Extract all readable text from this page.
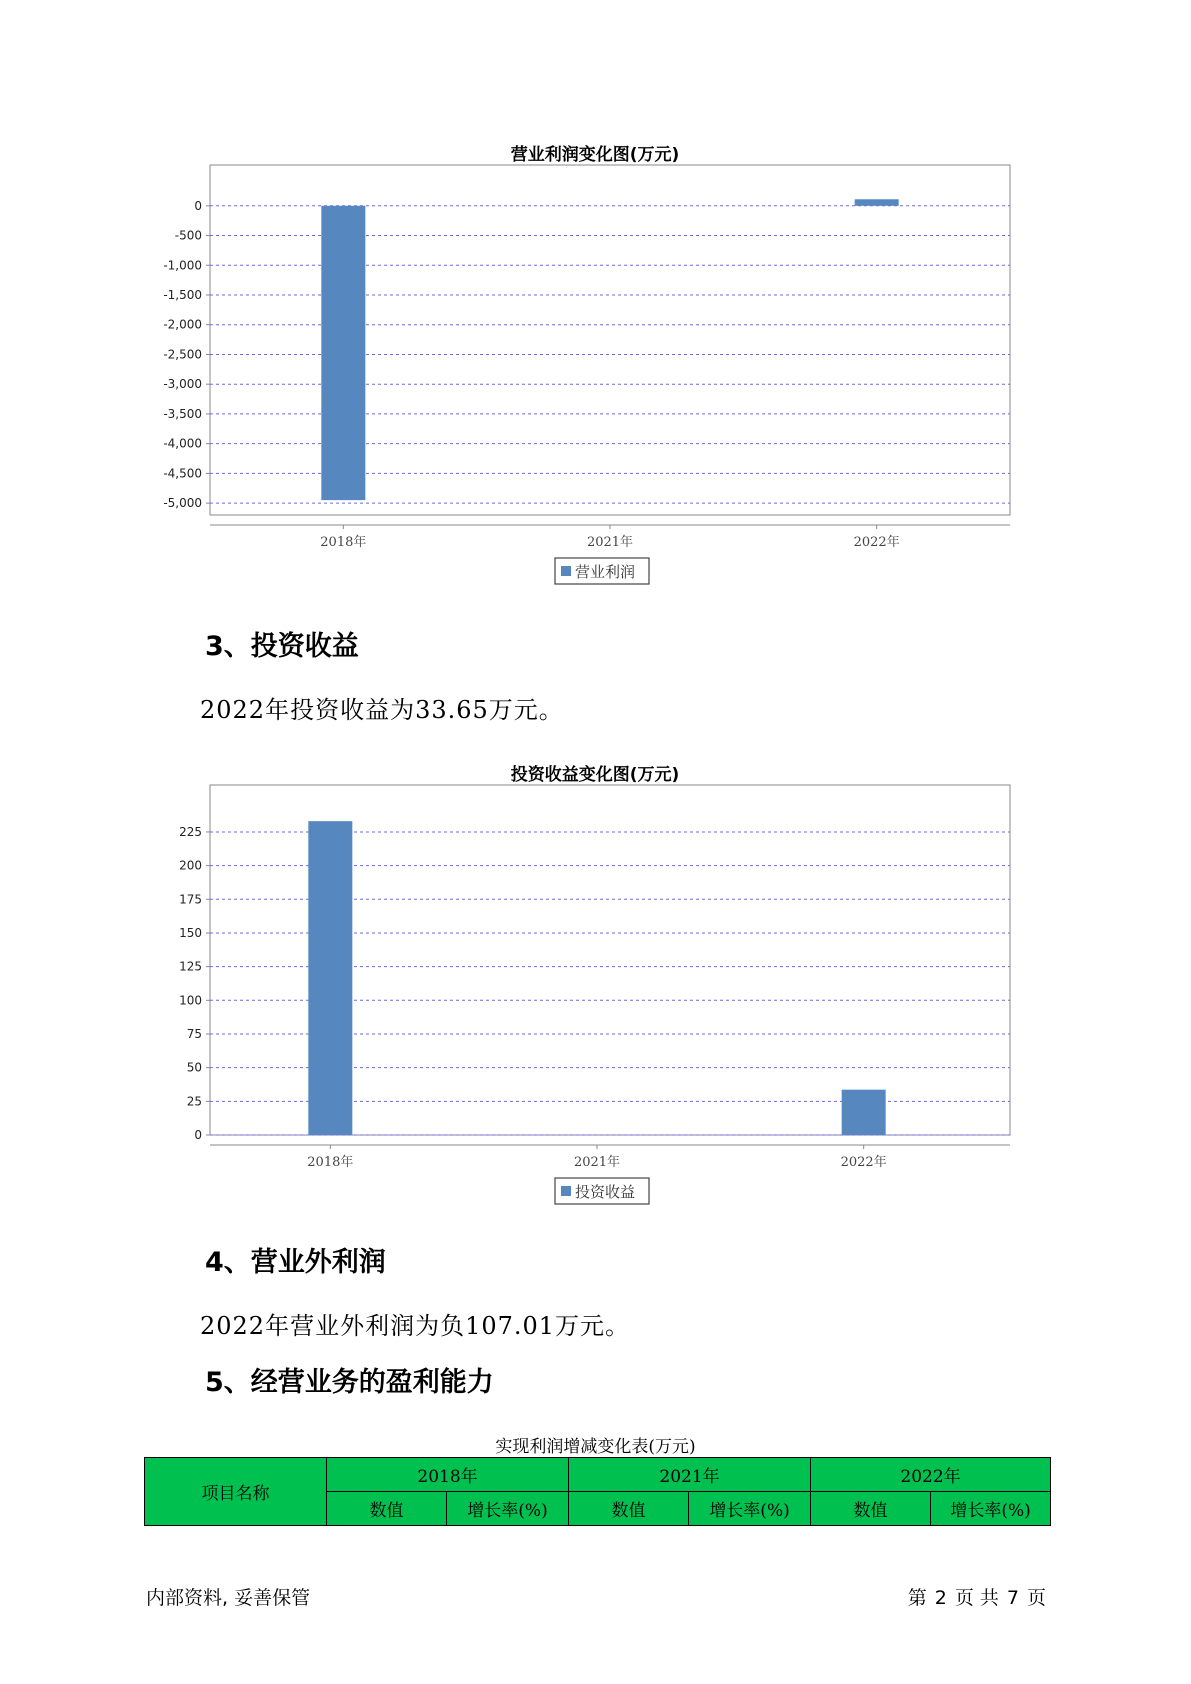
营业利润变化图(万元)
0
-500
-1,000
-1,500
-2,000
-2,500
-3,000
-3,500
-4,000
-4,500
-5,000
2018年	2021年	2022年
营业利润
3、投资收益

2022年投资收益为33.65万元。

投资收益变化图(万元)
0
25
50
75
100
125
150
175
200
225
2018年	2021年	2022年
投资收益
4、营业外利润

2022年营业外利润为负107.01万元。

5、经营业务的盈利能力
实现利润增减变化表(万元)
项目名称	2018年		2021年		2022年	
	数值	增长率(%)	数值	增长率(%)	数值	增长率(%)
内部资料, 妥善保管	第 2 页 共 7 页
